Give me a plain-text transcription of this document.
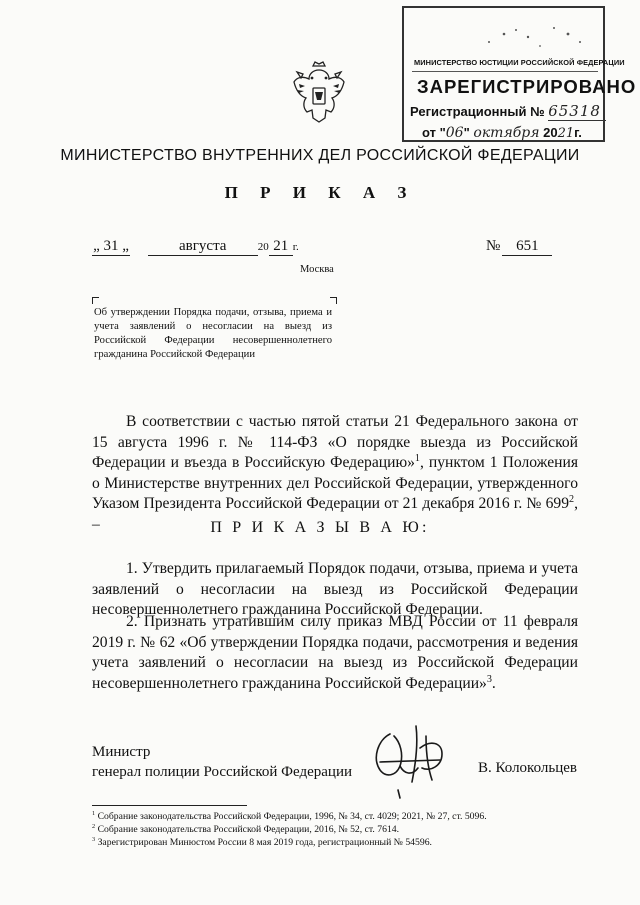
МИНИСТЕРСТВО ЮСТИЦИИ РОССИЙСКОЙ ФЕДЕРАЦИИ
ЗАРЕГИСТРИРОВАНО
Регистрационный № 65318
от "06" октября 2021г.
МИНИСТЕРСТВО ВНУТРЕННИХ ДЕЛ РОССИЙСКОЙ ФЕДЕРАЦИИ
П Р И К А З
„ 31 „	августа	20 21 г.	№ 651
Москва
Об утверждении Порядка подачи, отзыва, приема и учета заявлений о несогласии на выезд из Российской Федерации несовершеннолетнего гражданина Российской Федерации
В соответствии с частью пятой статьи 21 Федерального закона от 15 августа 1996 г. № 114-ФЗ «О порядке выезда из Российской Федерации и въезда в Российскую Федерацию»$^1$, пунктом 1 Положения о Министерстве внутренних дел Российской Федерации, утвержденного Указом Президента Российской Федерации от 21 декабря 2016 г. № $699^2$, –	П Р И К А З Ы В А Ю:
1. Утвердить прилагаемый Порядок подачи, отзыва, приема и учета заявлений о несогласии на выезд из Российской Федерации несовершеннолетнего гражданина Российской Федерации.
2. Признать утратившим силу приказ МВД России от 11 февраля 2019 г. № 62 «Об утверждении Порядка подачи, рассмотрения и ведения учета заявлений о несогласии на выезд из Российской Федерации несовершеннолетнего гражданина Российской Федерации»$^3$.
Министр
генерал полиции Российской Федерации	В. Колокольцев
$^1$ Собрание законодательства Российской Федерации, 1996, № 34, ст. 4029; 2021, № 27, ст. 5096.
$^2$ Собрание законодательства Российской Федерации, 2016, № 52, ст. 7614.
$^3$ Зарегистрирован Минюстом России 8 мая 2019 года, регистрационный № 54596.
